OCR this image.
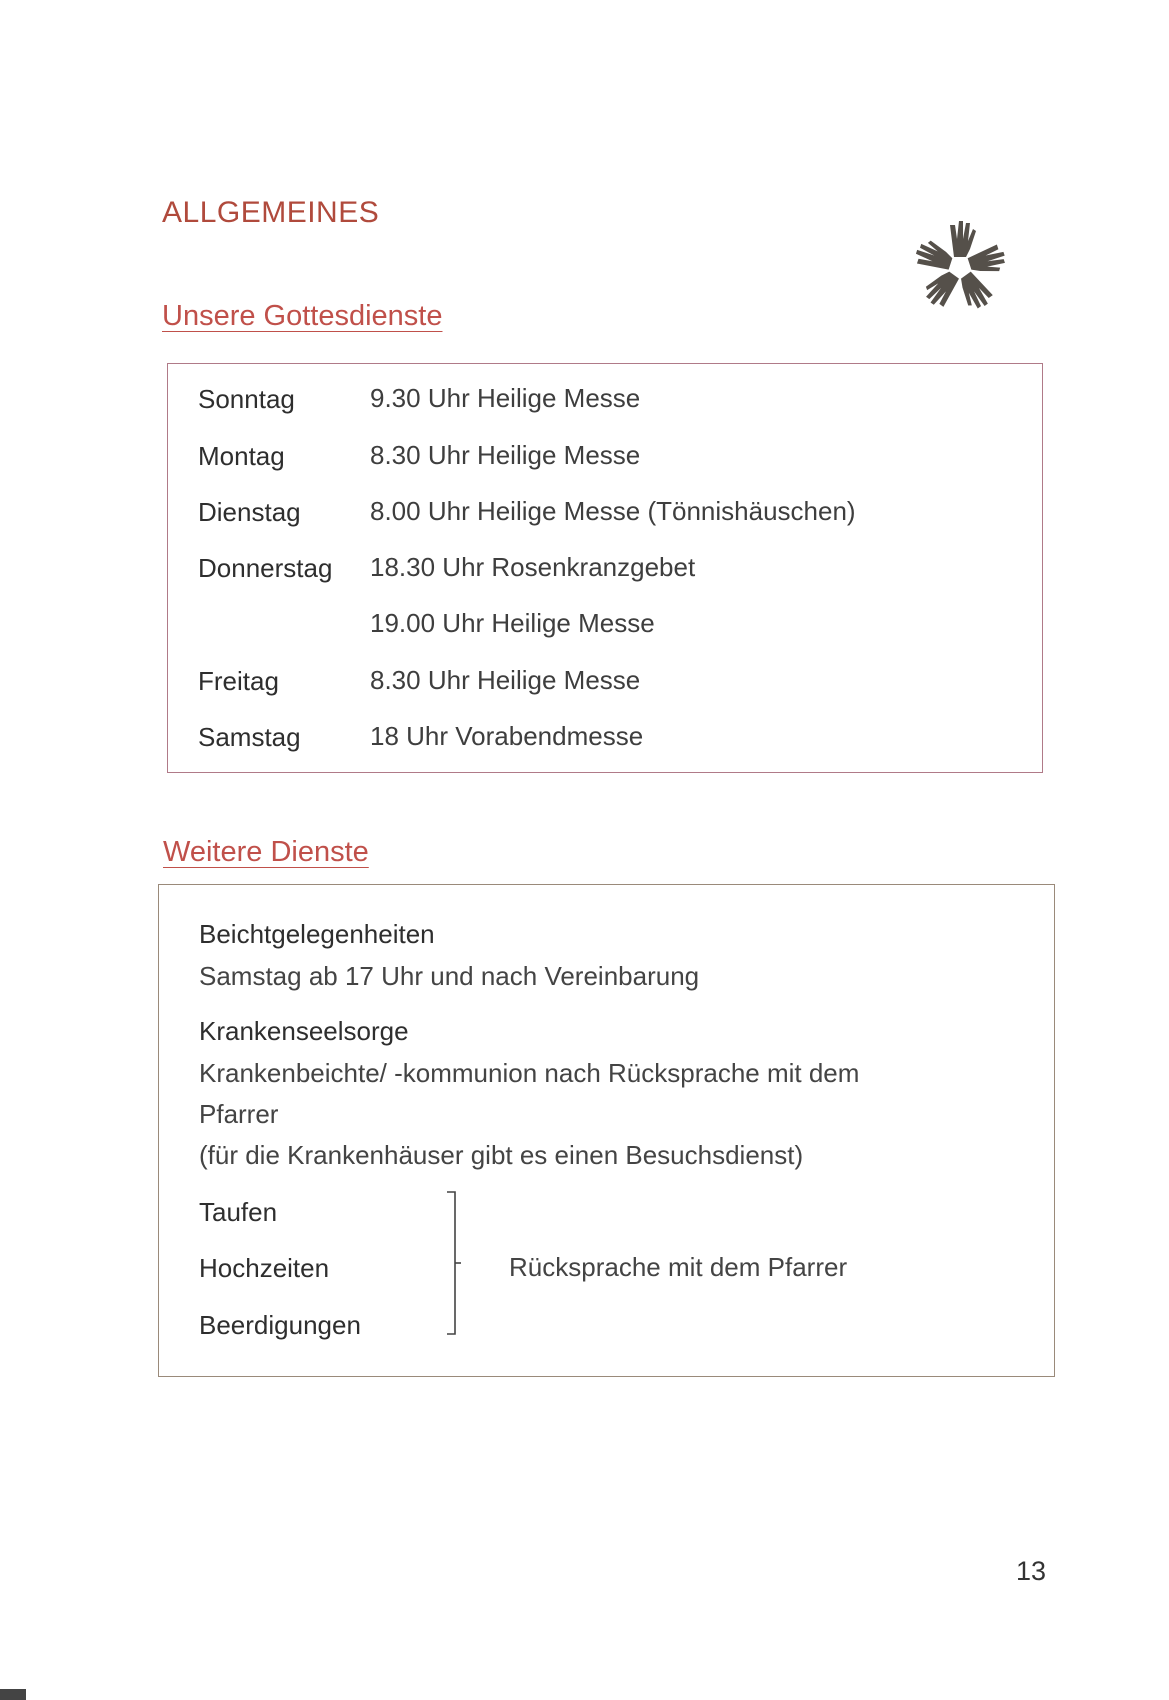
ALLGEMEINES
Unsere Gottesdienste
Sonntag	9.30 Uhr Heilige Messe
Montag	8.30 Uhr Heilige Messe
Dienstag	8.00 Uhr Heilige Messe (Tönnishäuschen)
Donnerstag 18.30 Uhr Rosenkranzgebet
19.00 Uhr Heilige Messe
Freitag	8.30 Uhr Heilige Messe
Samstag	18 Uhr Vorabendmesse
Weitere Dienste
Beichtgelegenheiten
Samstag ab 17 Uhr und nach Vereinbarung
Krankenseelsorge
Krankenbeichte/ -kommunion nach Rücksprache mit dem
Pfarrer
(für die Krankenhäuser gibt es einen Besuchsdienst)
Taufen
Hochzeiten
Beerdigungen
Rücksprache mit dem Pfarrer
13
